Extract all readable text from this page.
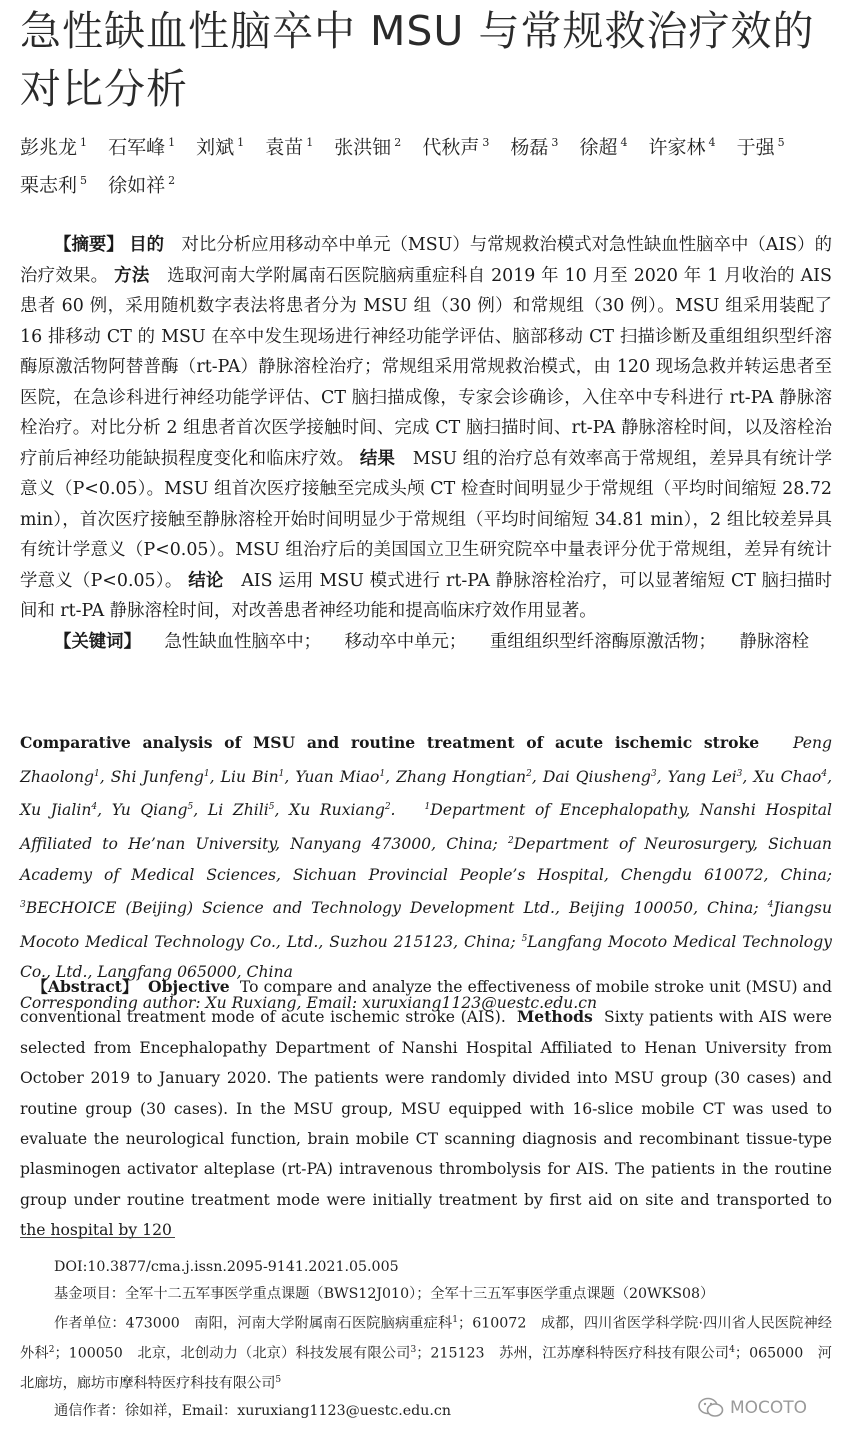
急性缺血性脑卒中 MSU 与常规救治疗效的对比分析
彭兆龙 $^1$ 石军峰 $^1$ 刘斌 $^1$ 袁苗 $^1$ 张洪钿 $^2$ 代秋声 $^3$ 杨磊 $^3$ 徐超 $^4$ 许家林 $^4$ 于强 $^5$ 栗志利 $^5$ 徐如祥 $^2$
【摘要】 目的　 对比分析应用移动卒中单元（MSU）与常规救治模式对急性缺血性脑卒中（AIS）的治疗效果。 方法　 选取河南大学附属南石医院脑病重症科自 2019 年 10 月至 2020 年 1 月收治的 AIS 患者 60 例，采用随机数字表法将患者分为 MSU 组（30 例）和常规组（30 例）。MSU 组采用装配了 16 排移动 CT 的 MSU 在卒中发生现场进行神经功能学评估、脑部移动 CT 扫描诊断及重组组织型纤溶酶原激活物阿替普酶（rt-PA）静脉溶栓治疗；常规组采用常规救治模式，由 120 现场急救并转运患者至医院，在急诊科进行神经功能学评估、CT 脑扫描成像，专家会诊确诊，入住卒中专科进行 rt-PA 静脉溶栓治疗。对比分析 2 组患者首次医学接触时间、完成 CT 脑扫描时间、rt-PA 静脉溶栓时间，以及溶栓治疗前后神经功能缺损程度变化和临床疗效。 结果　 MSU 组的治疗总有效率高于常规组，差异具有统计学意义（P<0.05）。MSU 组首次医疗接触至完成头颅 CT 检查时间明显少于常规组（平均时间缩短 28.72 min），首次医疗接触至静脉溶栓开始时间明显少于常规组（平均时间缩短 34.81 min），2 组比较差异具有统计学意义（P<0.05）。MSU 组治疗后的美国国立卫生研究院卒中量表评分优于常规组，差异有统计学意义（P<0.05）。 结论　 AIS 运用 MSU 模式进行 rt-PA 静脉溶栓治疗，可以显著缩短 CT 脑扫描时间和 rt-PA 静脉溶栓时间，对改善患者神经功能和提高临床疗效作用显著。
【关键词】 急性缺血性脑卒中； 移动卒中单元； 重组组织型纤溶酶原激活物； 静脉溶栓
Comparative analysis of MSU and routine treatment of acute ischemic stroke Peng Zhaolong$^1$, Shi Junfeng$^1$, Liu Bin$^1$, Yuan Miao$^1$, Zhang Hongtian$^2$, Dai Qiusheng$^3$, Yang Lei$^3$, Xu Chao$^4$, Xu Jialin$^4$, Yu Qiang$^5$, Li Zhili$^5$, Xu Ruxiang$^2$.	$^1$Department of Encephalopathy, Nanshi Hospital Affiliated to He’nan University, Nanyang 473000, China; $^2$Department of Neurosurgery, Sichuan Academy of Medical Sciences, Sichuan Provincial People’s Hospital, Chengdu 610072, China; $^3$BECHOICE (Beijing) Science and Technology Development Ltd., Beijing 100050, China; $^4$Jiangsu Mocoto Medical Technology Co., Ltd., Suzhou 215123, China; $^5$Langfang Mocoto Medical Technology Co., Ltd., Langfang 065000, China
Corresponding author: Xu Ruxiang, Email: xuruxiang1123@uestc.edu.cn
【Abstract】 Objective To compare and analyze the effectiveness of mobile stroke unit (MSU) and conventional treatment mode of acute ischemic stroke (AIS). Methods Sixty patients with AIS were selected from Encephalopathy Department of Nanshi Hospital Affiliated to Henan University from October 2019 to January 2020. The patients were randomly divided into MSU group (30 cases) and routine group (30 cases). In the MSU group, MSU equipped with 16-slice mobile CT was used to evaluate the neurological function, brain mobile CT scanning diagnosis and recombinant tissue-type plasminogen activator alteplase (rt-PA) intravenous thrombolysis for AIS. The patients in the routine group under routine treatment mode were initially treatment by first aid on site and transported to the hospital by 120
DOI:10.3877/cma.j.issn.2095-9141.2021.05.005
基金项目：全军十二五军事医学重点课题（BWS12J010）；全军十三五军事医学重点课题（20WKS08）
作者单位：473000　南阳，河南大学附属南石医院脑病重症科$^1$；610072　成都，四川省医学科学院·四川省人民医院神经外科$^2$；100050　北京，北创动力（北京）科技发展有限公司$^3$；215123　苏州，江苏摩科特医疗科技有限公司$^4$；065000　河北廊坊，廊坊市摩科特医疗科技有限公司$^5$
通信作者：徐如祥，Email：xuruxiang1123@uestc.edu.cn	MOCOTO
